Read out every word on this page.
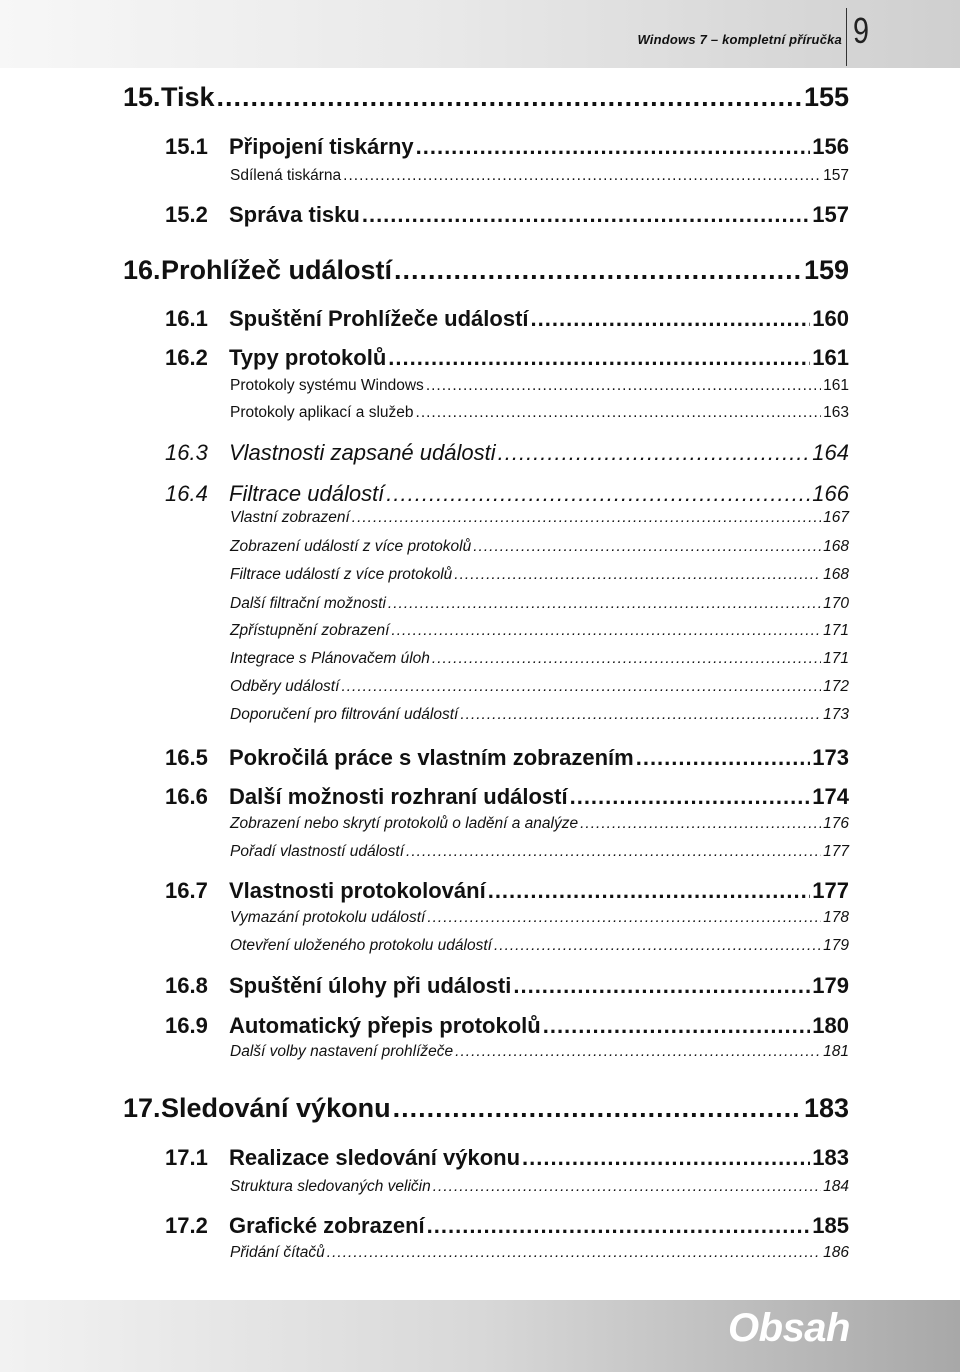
Windows 7 – kompletní příručka 9
15. Tisk .....	155
15.1 Připojení tiskárny .....	156
Sdílená tiskárna .....	157
15.2 Správa tisku .....	157
16. Prohlížeč událostí .....	159
16.1 Spuštění Prohlížeče událostí .....	160
16.2 Typy protokolů .....	161
Protokoly systému Windows .....	161
Protokoly aplikací a služeb .....	163
16.3 Vlastnosti zapsané události .....	164
16.4 Filtrace událostí .....	166
Vlastní zobrazení .....	167
Zobrazení událostí z více protokolů .....	168
Filtrace událostí z více protokolů .....	168
Další filtrační možnosti .....	170
Zpřístupnění zobrazení .....	171
Integrace s Plánovačem úloh .....	171
Odběry událostí .....	172
Doporučení pro filtrování událostí .....	173
16.5 Pokročilá práce s vlastním zobrazením .....	173
16.6 Další možnosti rozhraní událostí .....	174
Zobrazení nebo skrytí protokolů o ladění a analýze .....	176
Pořadí vlastností událostí .....	177
16.7 Vlastnosti protokolování .....	177
Vymazání protokolu událostí .....	178
Otevření uloženého protokolu událostí .....	179
16.8 Spuštění úlohy při události .....	179
16.9 Automatický přepis protokolů .....	180
Další volby nastavení prohlížeče .....	181
17. Sledování výkonu .....	183
17.1 Realizace sledování výkonu .....	183
Struktura sledovaných veličin .....	184
17.2 Grafické zobrazení .....	185
Přidání čítačů .....	186
Obsah
